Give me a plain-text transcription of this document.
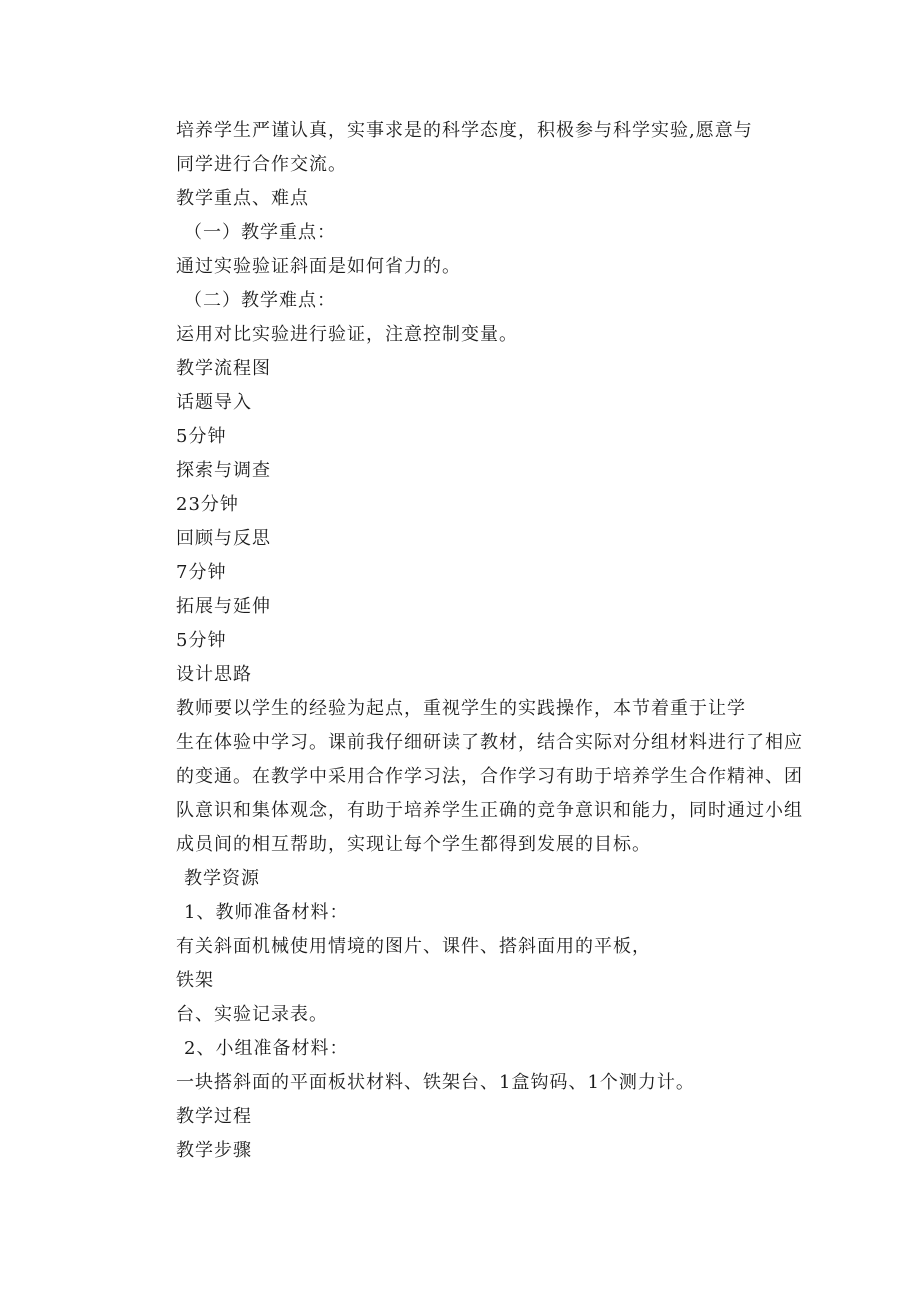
培养学生严谨认真，实事求是的科学态度，积极参与科学实验,愿意与
同学进行合作交流。
教学重点、难点
（一）教学重点：
通过实验验证斜面是如何省力的。
（二）教学难点：
运用对比实验进行验证，注意控制变量。
教学流程图
话题导入
5分钟
探索与调查
23分钟
回顾与反思
7分钟
拓展与延伸
5分钟
设计思路
教师要以学生的经验为起点，重视学生的实践操作，本节着重于让学
生在体验中学习。课前我仔细研读了教材，结合实际对分组材料进行了相应
的变通。在教学中采用合作学习法，合作学习有助于培养学生合作精神、团
队意识和集体观念，有助于培养学生正确的竞争意识和能力，同时通过小组
成员间的相互帮助，实现让每个学生都得到发展的目标。
教学资源
1、教师准备材料：
有关斜面机械使用情境的图片、课件、搭斜面用的平板，
铁架
台、实验记录表。
2、小组准备材料：
一块搭斜面的平面板状材料、铁架台、1盒钩码、1个测力计。
教学过程
教学步骤
